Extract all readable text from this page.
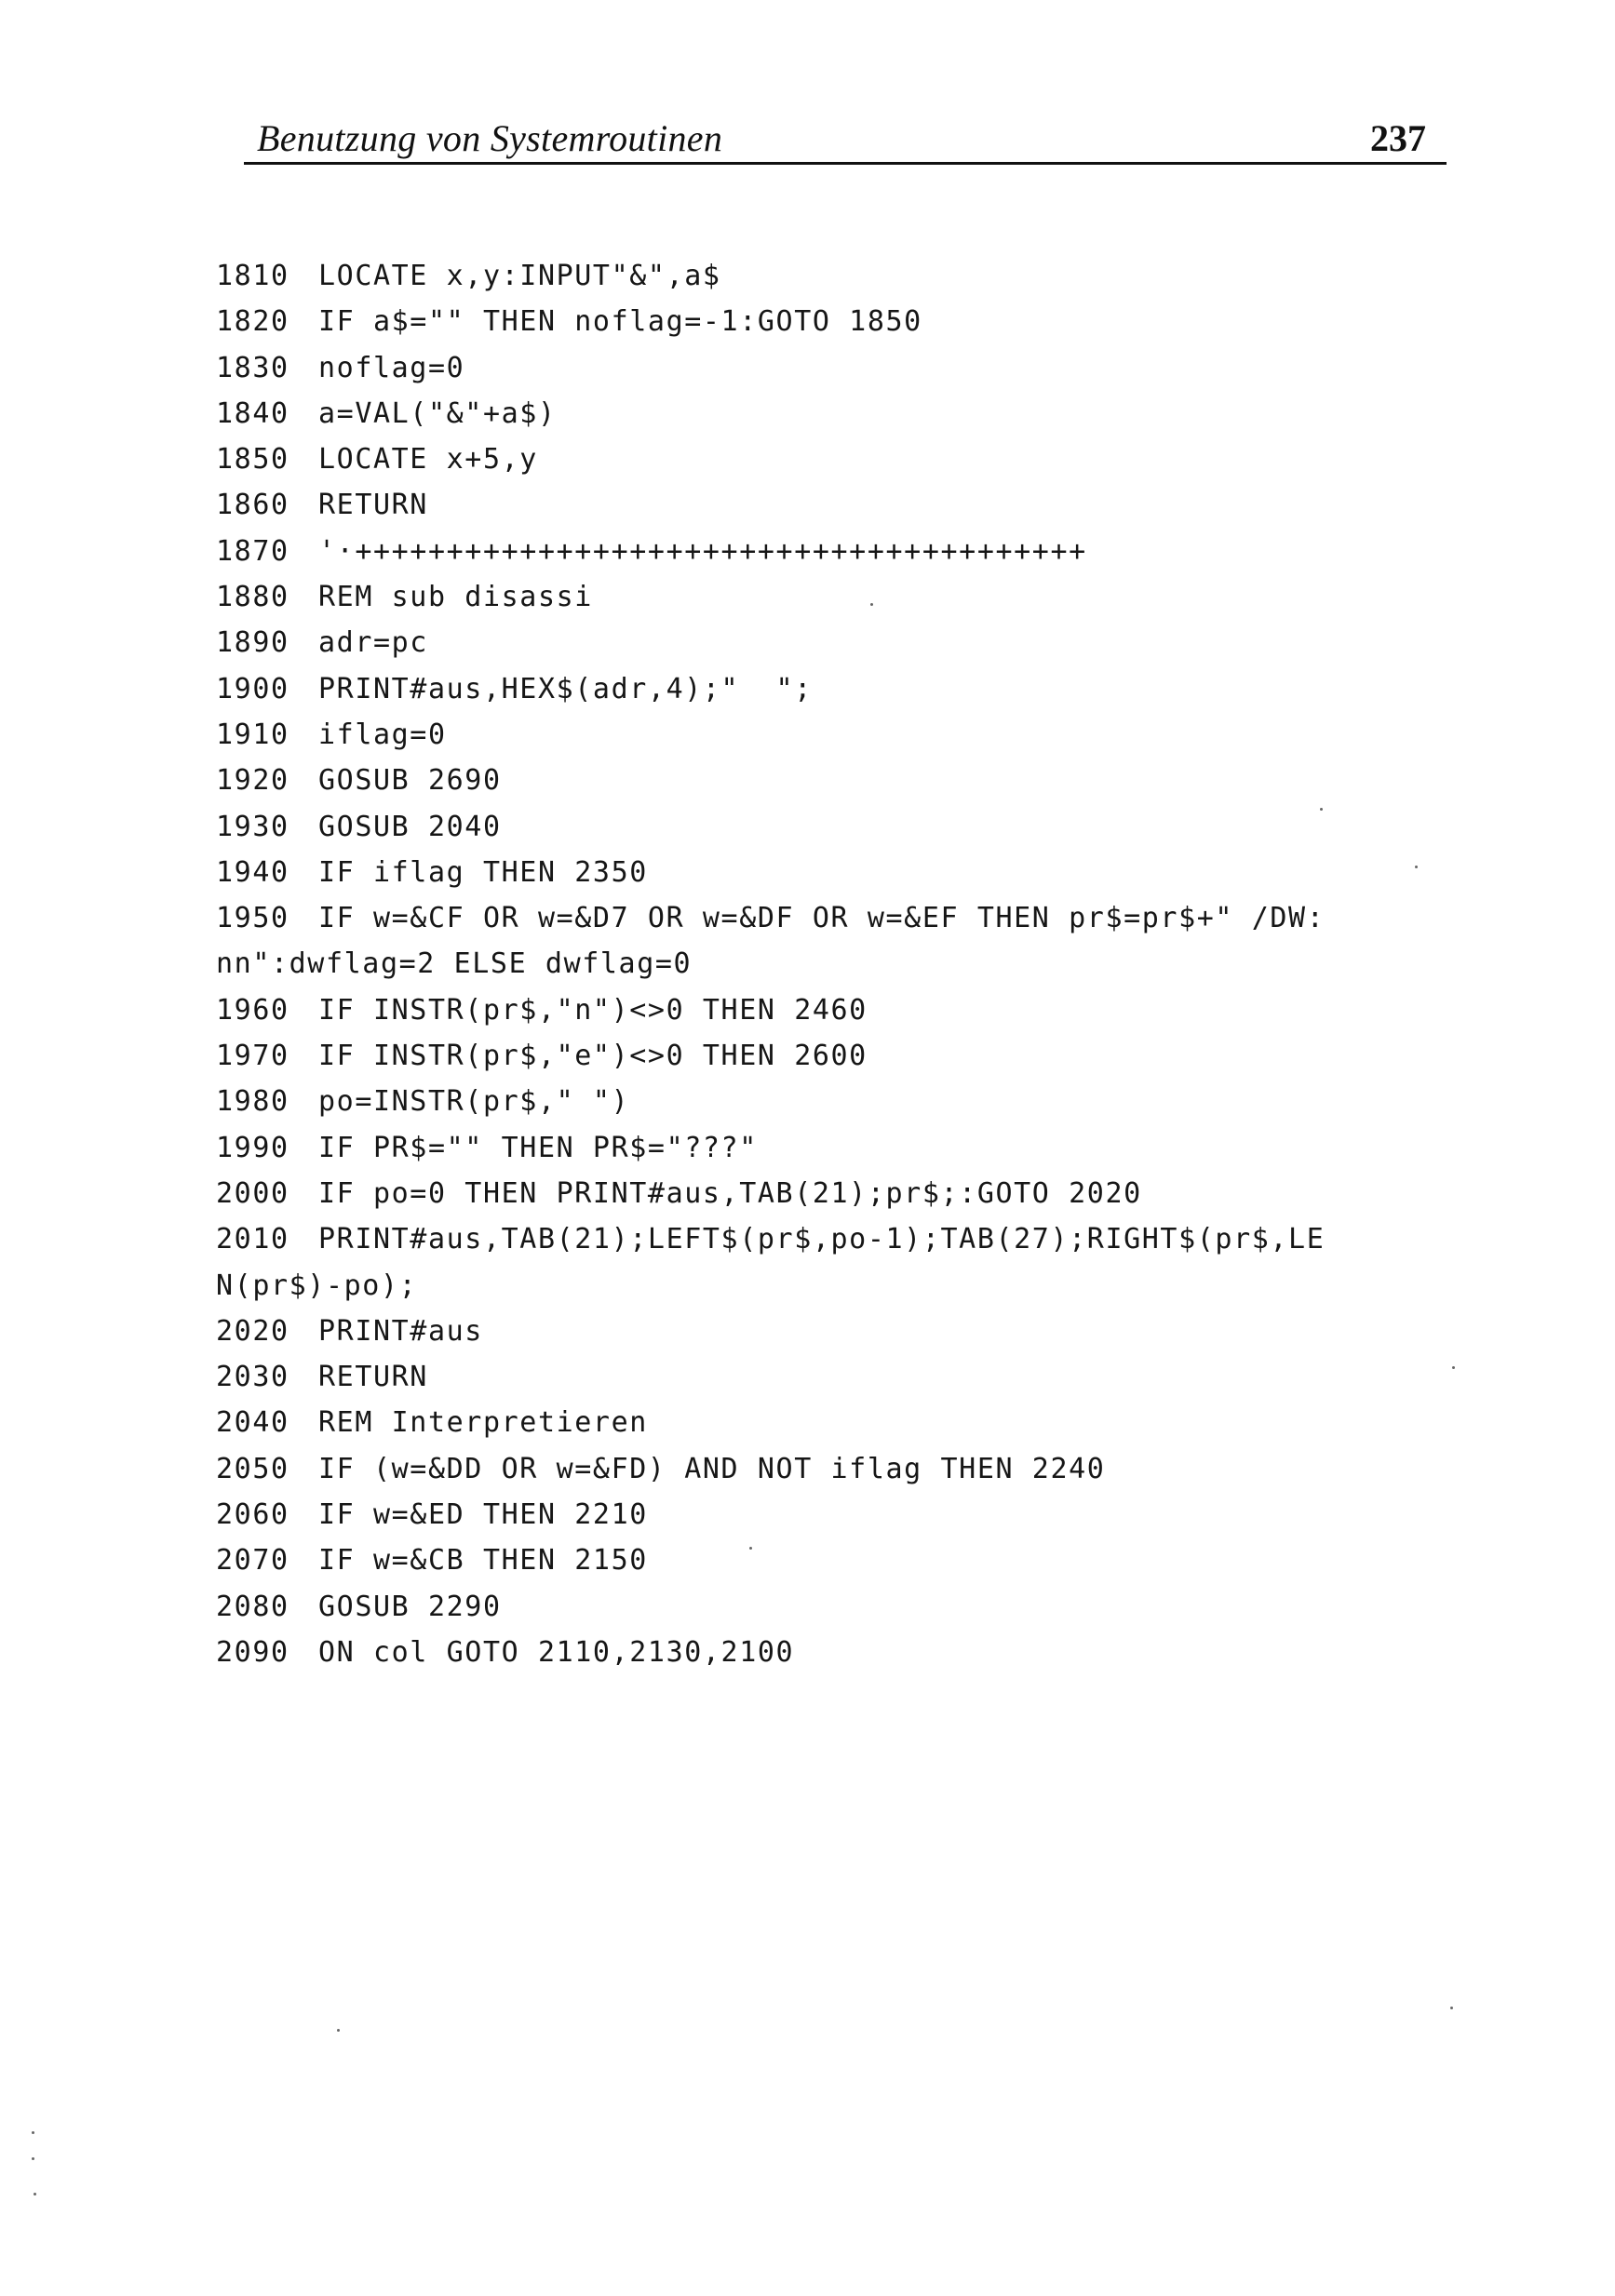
Benutzung von Systemroutinen	237
1810 LOCATE x,y:INPUT"&",a$
1820 IF a$="" THEN noflag=-1:GOTO 1850
1830 noflag=0
1840 a=VAL("&"+a$)
1850 LOCATE x+5,y
1860 RETURN
1870 '·++++++++++++++++++++++++++++++++++++++++
1880 REM sub disassi
1890 adr=pc
1900 PRINT#aus,HEX$(adr,4);"  ";
1910 iflag=0
1920 GOSUB 2690
1930 GOSUB 2040
1940 IF iflag THEN 2350
1950 IF w=&CF OR w=&D7 OR w=&DF OR w=&EF THEN pr$=pr$+" /DW:
nn":dwflag=2 ELSE dwflag=0
1960 IF INSTR(pr$,"n")<>0 THEN 2460
1970 IF INSTR(pr$,"e")<>0 THEN 2600
1980 po=INSTR(pr$," ")
1990 IF PR$="" THEN PR$="???"
2000 IF po=0 THEN PRINT#aus,TAB(21);pr$;:GOTO 2020
2010 PRINT#aus,TAB(21);LEFT$(pr$,po-1);TAB(27);RIGHT$(pr$,LE
N(pr$)-po);
2020 PRINT#aus
2030 RETURN
2040 REM Interpretieren
2050 IF (w=&DD OR w=&FD) AND NOT iflag THEN 2240
2060 IF w=&ED THEN 2210
2070 IF w=&CB THEN 2150
2080 GOSUB 2290
2090 ON col GOTO 2110,2130,2100
